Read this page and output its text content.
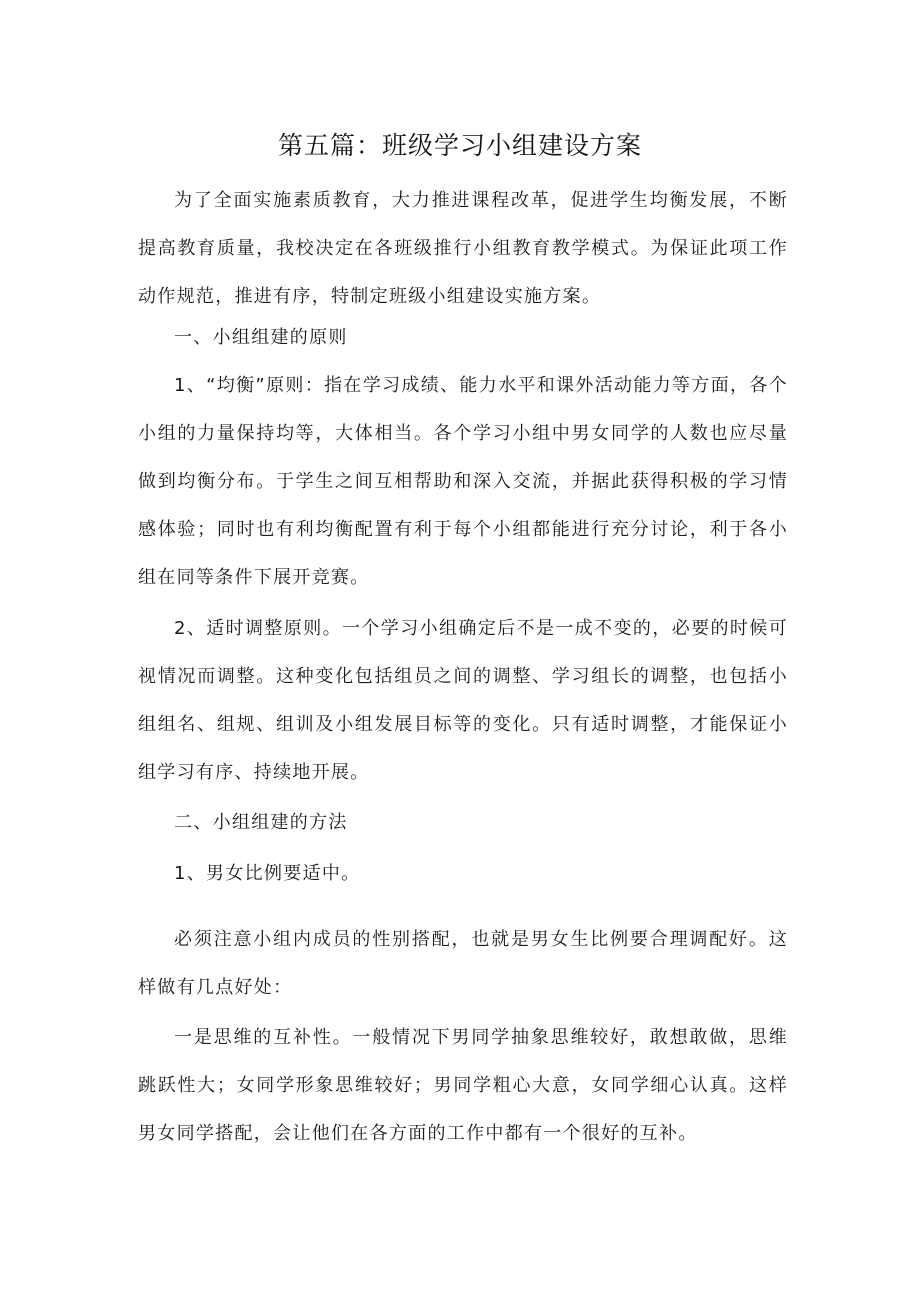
第五篇：班级学习小组建设方案

为了全面实施素质教育，大力推进课程改革，促进学生均衡发展，不断提高教育质量，我校决定在各班级推行小组教育教学模式。为保证此项工作动作规范，推进有序，特制定班级小组建设实施方案。

一、小组组建的原则

1、“均衡”原则：指在学习成绩、能力水平和课外活动能力等方面，各个小组的力量保持均等，大体相当。各个学习小组中男女同学的人数也应尽量做到均衡分布。于学生之间互相帮助和深入交流，并据此获得积极的学习情感体验；同时也有利均衡配置有利于每个小组都能进行充分讨论，利于各小组在同等条件下展开竞赛。

2、适时调整原则。一个学习小组确定后不是一成不变的，必要的时候可视情况而调整。这种变化包括组员之间的调整、学习组长的调整，也包括小组组名、组规、组训及小组发展目标等的变化。只有适时调整，才能保证小组学习有序、持续地开展。

二、小组组建的方法

1、男女比例要适中。

必须注意小组内成员的性别搭配，也就是男女生比例要合理调配好。这样做有几点好处：

一是思维的互补性。一般情况下男同学抽象思维较好，敢想敢做，思维跳跃性大；女同学形象思维较好；男同学粗心大意，女同学细心认真。这样男女同学搭配，会让他们在各方面的工作中都有一个很好的互补。
